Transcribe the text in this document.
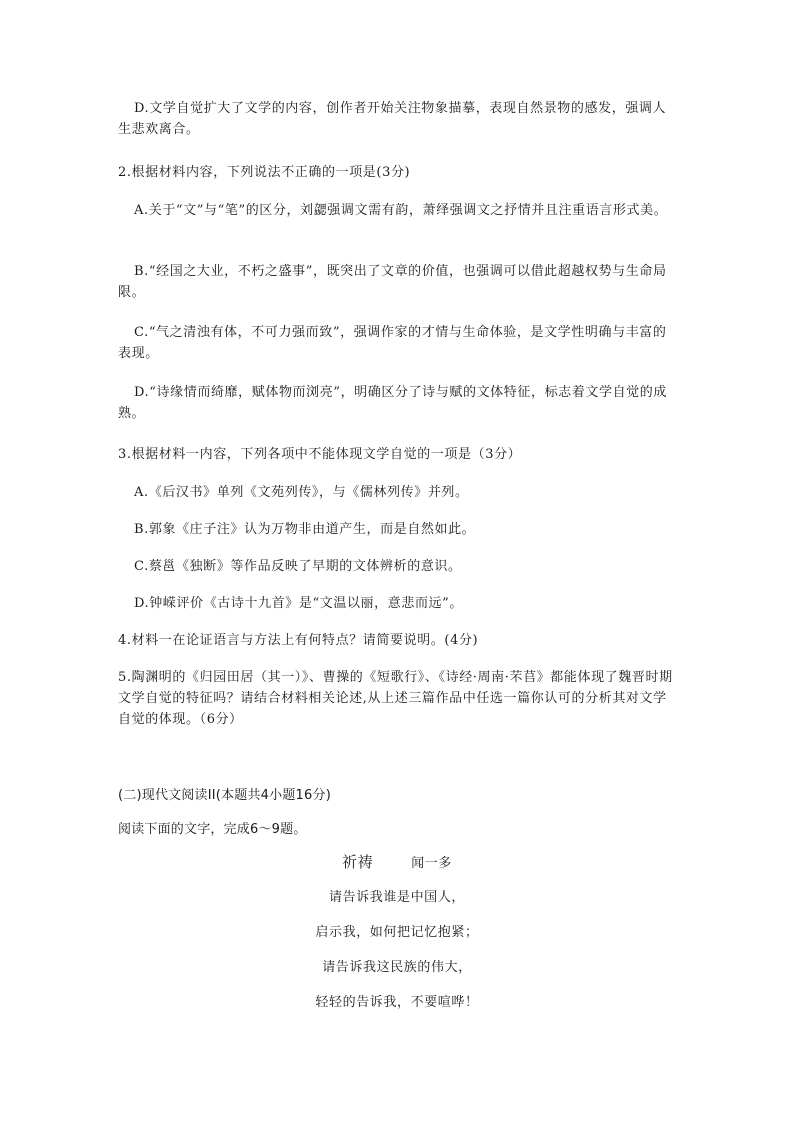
D.文学自觉扩大了文学的内容，创作者开始关注物象描摹，表现自然景物的感发，强调人生悲欢离合。
2.根据材料内容，下列说法不正确的一项是(3分)
A.关于“文”与“笔”的区分，刘勰强调文需有韵，萧绎强调文之抒情并且注重语言形式美。
B.“经国之大业，不朽之盛事”，既突出了文章的价值，也强调可以借此超越权势与生命局限。
C.“气之清浊有体，不可力强而致”，强调作家的才情与生命体验，是文学性明确与丰富的表现。
D.“诗缘情而绮靡，赋体物而浏亮”，明确区分了诗与赋的文体特征，标志着文学自觉的成熟。
3.根据材料一内容，下列各项中不能体现文学自觉的一项是（3分）
A.《后汉书》单列《文苑列传》，与《儒林列传》并列。
B.郭象《庄子注》认为万物非由道产生，而是自然如此。
C.蔡邕《独断》等作品反映了早期的文体辨析的意识。
D.钟嵘评价《古诗十九首》是“文温以丽，意悲而远”。
4.材料一在论证语言与方法上有何特点？请简要说明。(4分)
5.陶渊明的《归园田居（其一）》、曹操的《短歌行》、《诗经·周南·芣苢》都能体现了魏晋时期文学自觉的特征吗？请结合材料相关论述,从上述三篇作品中任选一篇你认可的分析其对文学自觉的体现。（6分）
(二)现代文阅读II(本题共4小题16分)
阅读下面的文字，完成6～9题。
祈祷	闻一多
请告诉我谁是中国人，
启示我，如何把记忆抱紧；
请告诉我这民族的伟大，
轻轻的告诉我，不要喧哗！
